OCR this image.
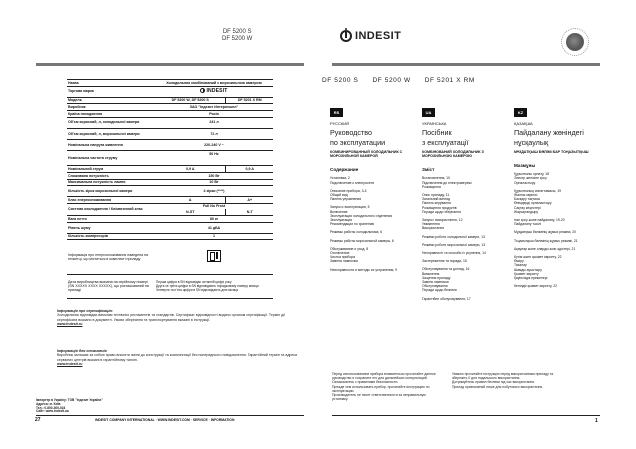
DF 5200 S
DF 5200 W
Назва	Холодильник комбінований з морозильною камерою	
Торгова марка	INDESIT	

Модель	DF 5200 W, DF 5200 S	DF 5201 X RM
Виробник	ЗАО "Індезит Интернешнл"	
Країна походження	Росія	
Об'єм корисний, л, холодильної камери	241 л	
Об'єм корисний, л, морозильної камери	72 л	
Номінальна напруга живлення	220-240 V ~	
Номінальна частота струму	50 Hz	
Номінальний струм	0,9 A	0,9 A
Споживана потужність	150 Вт	
Максимальна потужність лампи	10 Вт	
Кількість зірок морозильної камери	4 зірки (****)	
Клас енергоспоживання	A	A+
Система охолодження / Кліматичний клас	Full No Frost	
	N-ST	N-T
Вага нетто	80 кг	
Рівень шуму	41 дБА	
Кількість компресорів	1	
Інформація про енергоспоживання наведена на етикетці, що міститься в комплекті приладу		
Дата виробництва вказана на серійному номері (SN XXXXX XXXX XXXXX), що розташований на приладі	Перша цифра в SN відповідає останній цифрі року
Друга та третя цифри в SN відповідають порядковому номеру місяця
Четверта та п'ята цифри в SN відповідають дню місяця	
Інформація про сертифікацію
Холодильник відповідає вимогам технічних регламентів та стандартів. Сертифікат відповідності видано органом сертифікації. Термін дії сертифіката вказано в документі. Умови зберігання та транспортування вказані в інструкції.
www.indesit.ru
Інформація для споживачів
Виробник залишає за собою право вносити зміни до конструкції та комплектації без попереднього повідомлення. Гарантійний термін та адреси сервісних центрів вказані в гарантійному талоні.
www.indesit.ru
Імпортер в Україну: ТОВ "Індезит Україна"
Адреса: м. Київ
Тел.: 0-800-300-024
Сайт: www.indesit.ua
27	INDESIT COMPANY INTERNATIONAL · WWW.INDESIT.COM · SERVICE · INFORMATION
INDESIT
DF 5200 S DF 5200 W DF 5201 X RM
RS
РУССКИЙ
Руководство
по эксплуатации
КОМБИНИРОВАННЫЙ ХОЛОДИЛЬНИК С МОРОЗИЛЬНОЙ КАМЕРОЙ
Содержание
Установка, 2
Подключение к электросети
Описание прибора, 3-4
Общий вид
Панель управления
Запуск и эксплуатация, 5
Включение
Эксплуатация холодильного отделения
Эксплуатация
Рекомендации по хранению
Режимы работы холодильника, 6
Режимы работы морозильной камеры, 6
Обслуживание и уход, 8
Отключение
Чистка прибора
Замена лампочки
Неисправности и методы их устранения, 9
UA
УКРАЇНСЬКА
Посібник
з експлуатації
КОМБІНОВАНИЙ ХОЛОДИЛЬНИК З МОРОЗИЛЬНОЮ КАМЕРОЮ
Зміст
Встановлення, 10
Підключення до електромережі
Розміщення
Опис приладу, 11
Загальний вигляд
Панель керування
Розміщення продуктів
Поради щодо зберігання
Запуск і використання, 12
Увімкнення
Використання
Режими роботи холодильної камери, 13
Режими роботи морозильної камери, 13
Несправності та способи їх усунення, 14
Застереження та поради, 15
Обслуговування та догляд, 16
Вимкнення
Чищення приладу
Заміна лампочки
Обслуговування
Поради щодо безпеки
Гарантійне обслуговування, 17
KZ
ҚАЗАҚША
Пайдалану жөніндегі
нұсқаулық
МҰЗДАТҚЫШ БӨЛІМІ БАР ТОҢАЗЫТҚЫШ
Мазмұны
Құрылғыны орнату, 18
Электр желісіне қосу
Орналастыру
Құрылғының сипаттамасы, 19
Жалпы көрінісі
Басқару тақтасы
Өнімдерді орналастыру
Сақтау кеңестері
Жарықтандыру
Іске қосу және пайдалану, 19-20
Пайдалану тәсілі
Мұздатқыш бөлімінің жұмыс режимі, 20
Тоңазытқыш бөлімінің жұмыс режимі, 21
Ақаулар және оларды жою әдістері, 21
Күтім және қызмет көрсету, 22
Өшіру
Тазалау
Шамды ауыстыру
Қызмет көрсету
Қауіпсіздік ережелері
Кепілдік қызмет көрсету, 22
Перед использованием прибора внимательно прочитайте данное руководство и сохраните его для дальнейших консультаций. Ознакомьтесь с правилами безопасности.
Прежде чем использовать прибор, прочитайте инструкцию по эксплуатации.
Производитель не несет ответственности за неправильную установку.
Уважно прочитайте інструкцію перед використанням приладу та збережіть її для подальшого використання.
Дотримуйтесь правил безпеки під час використання.
Прилад призначений лише для побутового використання.
1
